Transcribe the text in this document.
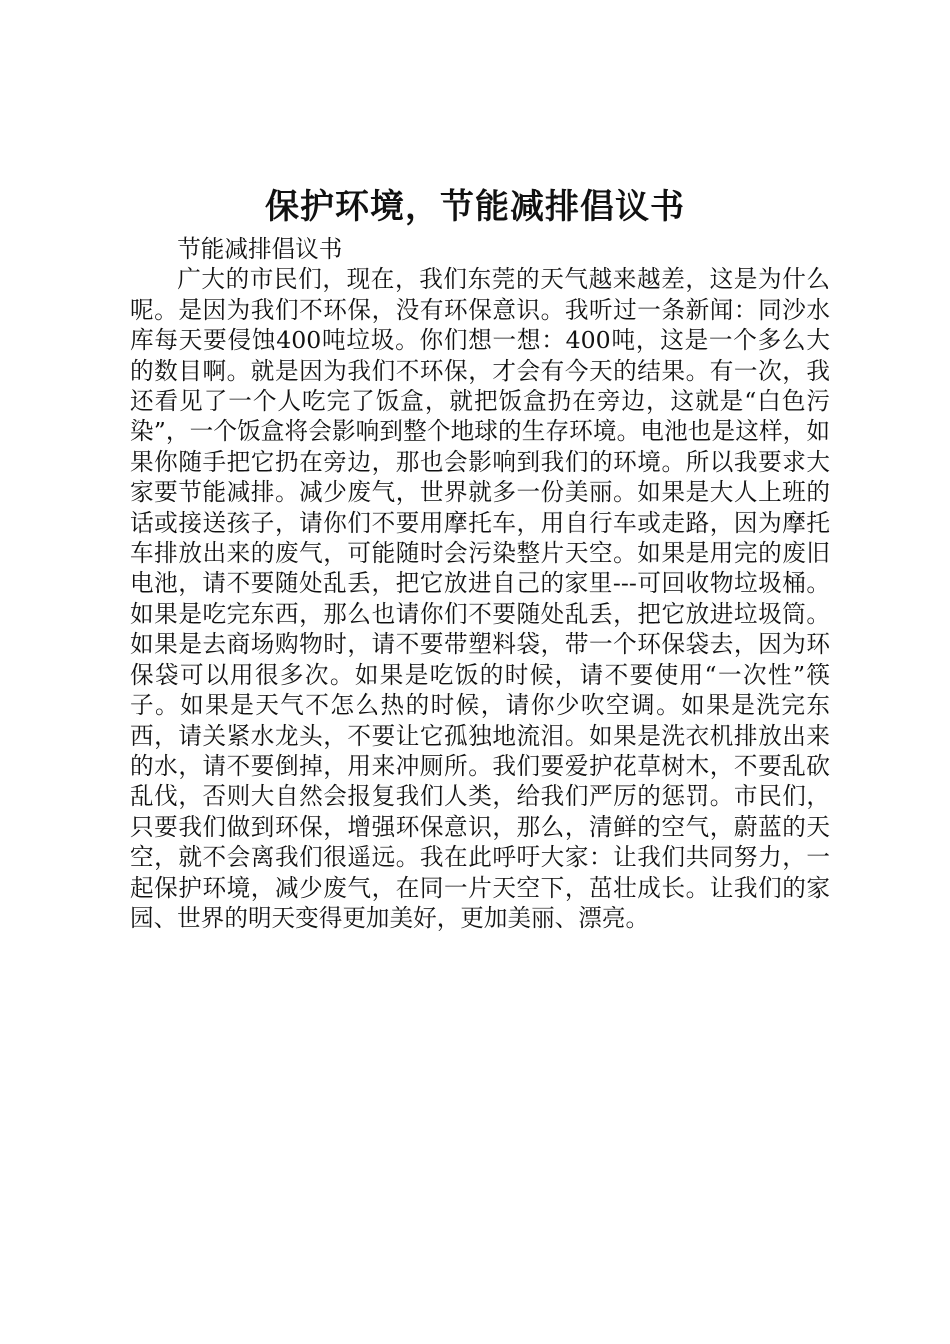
保护环境，节能减排倡议书

节能减排倡议书

广大的市民们，现在，我们东莞的天气越来越差，这是为什么呢。是因为我们不环保，没有环保意识。我听过一条新闻：同沙水库每天要侵蚀400吨垃圾。你们想一想：400吨，这是一个多么大的数目啊。就是因为我们不环保，才会有今天的结果。有一次，我还看见了一个人吃完了饭盒，就把饭盒扔在旁边，这就是“白色污染”，一个饭盒将会影响到整个地球的生存环境。电池也是这样，如果你随手把它扔在旁边，那也会影响到我们的环境。所以我要求大家要节能减排。减少废气，世界就多一份美丽。如果是大人上班的话或接送孩子，请你们不要用摩托车，用自行车或走路，因为摩托车排放出来的废气，可能随时会污染整片天空。如果是用完的废旧电池，请不要随处乱丢，把它放进自己的家里---可回收物垃圾桶。如果是吃完东西，那么也请你们不要随处乱丢，把它放进垃圾筒。如果是去商场购物时，请不要带塑料袋，带一个环保袋去，因为环保袋可以用很多次。如果是吃饭的时候，请不要使用“一次性”筷子。如果是天气不怎么热的时候，请你少吹空调。如果是洗完东西，请关紧水龙头，不要让它孤独地流泪。如果是洗衣机排放出来的水，请不要倒掉，用来冲厕所。我们要爱护花草树木，不要乱砍乱伐，否则大自然会报复我们人类，给我们严厉的惩罚。市民们，只要我们做到环保，增强环保意识，那么，清鲜的空气，蔚蓝的天空，就不会离我们很遥远。我在此呼吁大家：让我们共同努力，一起保护环境，减少废气，在同一片天空下，茁壮成长。让我们的家园、世界的明天变得更加美好，更加美丽、漂亮。
